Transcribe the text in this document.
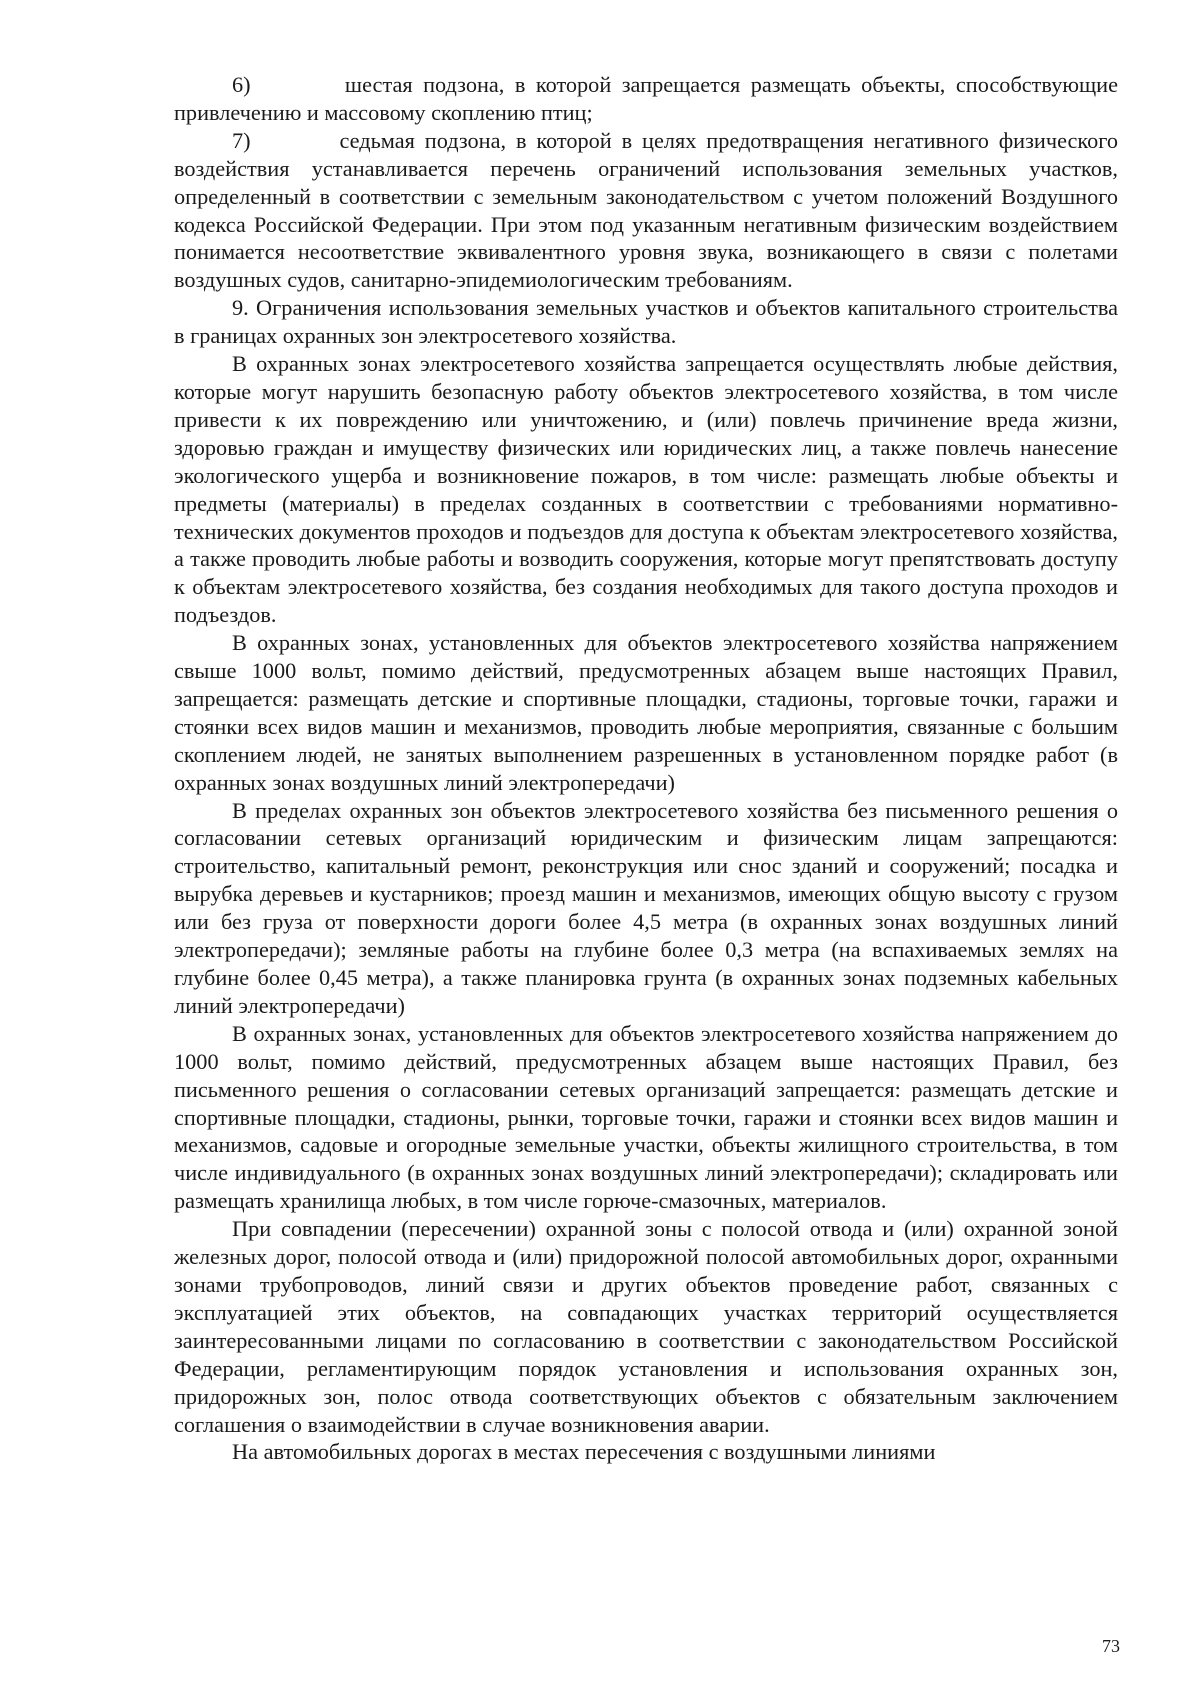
6)         шестая подзона, в которой запрещается размещать объекты, способствующие привлечению и массовому скоплению птиц;

7)         седьмая подзона, в которой в целях предотвращения негативного физического воздействия устанавливается перечень ограничений использования земельных участков, определенный в соответствии с земельным законодательством с учетом положений Воздушного кодекса Российской Федерации. При этом под указанным негативным физическим воздействием понимается несоответствие эквивалентного уровня звука, возникающего в связи с полетами воздушных судов, санитарно-эпидемиологическим требованиям.

9. Ограничения использования земельных участков и объектов капитального строительства в границах охранных зон электросетевого хозяйства.

В охранных зонах электросетевого хозяйства запрещается осуществлять любые действия, которые могут нарушить безопасную работу объектов электросетевого хозяйства, в том числе привести к их повреждению или уничтожению, и (или) повлечь причинение вреда жизни, здоровью граждан и имуществу физических или юридических лиц, а также повлечь нанесение экологического ущерба и возникновение пожаров, в том числе: размещать любые объекты и предметы (материалы) в пределах созданных в соответствии с требованиями нормативно-технических документов проходов и подъездов для доступа к объектам электросетевого хозяйства, а также проводить любые работы и возводить сооружения, которые могут препятствовать доступу к объектам электросетевого хозяйства, без создания необходимых для такого доступа проходов и подъездов.

В охранных зонах, установленных для объектов электросетевого хозяйства напряжением свыше 1000 вольт, помимо действий, предусмотренных абзацем выше настоящих Правил, запрещается: размещать детские и спортивные площадки, стадионы, торговые точки, гаражи и стоянки всех видов машин и механизмов, проводить любые мероприятия, связанные с большим скоплением людей, не занятых выполнением разрешенных в установленном порядке работ (в охранных зонах воздушных линий электропередачи)

В пределах охранных зон объектов электросетевого хозяйства без письменного решения о согласовании сетевых организаций юридическим и физическим лицам запрещаются: строительство, капитальный ремонт, реконструкция или снос зданий и сооружений; посадка и вырубка деревьев и кустарников; проезд машин и механизмов, имеющих общую высоту с грузом или без груза от поверхности дороги более 4,5 метра (в охранных зонах воздушных линий электропередачи); земляные работы на глубине более 0,3 метра (на вспахиваемых землях на глубине более 0,45 метра), а также планировка грунта (в охранных зонах подземных кабельных линий электропередачи)

В охранных зонах, установленных для объектов электросетевого хозяйства напряжением до 1000 вольт, помимо действий, предусмотренных абзацем выше настоящих Правил, без письменного решения о согласовании сетевых организаций запрещается: размещать детские и спортивные площадки, стадионы, рынки, торговые точки, гаражи и стоянки всех видов машин и механизмов, садовые и огородные земельные участки, объекты жилищного строительства, в том числе индивидуального (в охранных зонах воздушных линий электропередачи); складировать или размещать хранилища любых, в том числе горюче-смазочных, материалов.

При совпадении (пересечении) охранной зоны с полосой отвода и (или) охранной зоной железных дорог, полосой отвода и (или) придорожной полосой автомобильных дорог, охранными зонами трубопроводов, линий связи и других объектов проведение работ, связанных с эксплуатацией этих объектов, на совпадающих участках территорий осуществляется заинтересованными лицами по согласованию в соответствии с законодательством Российской Федерации, регламентирующим порядок установления и использования охранных зон, придорожных зон, полос отвода соответствующих объектов с обязательным заключением соглашения о взаимодействии в случае возникновения аварии.

На автомобильных дорогах в местах пересечения с воздушными линиями

73
